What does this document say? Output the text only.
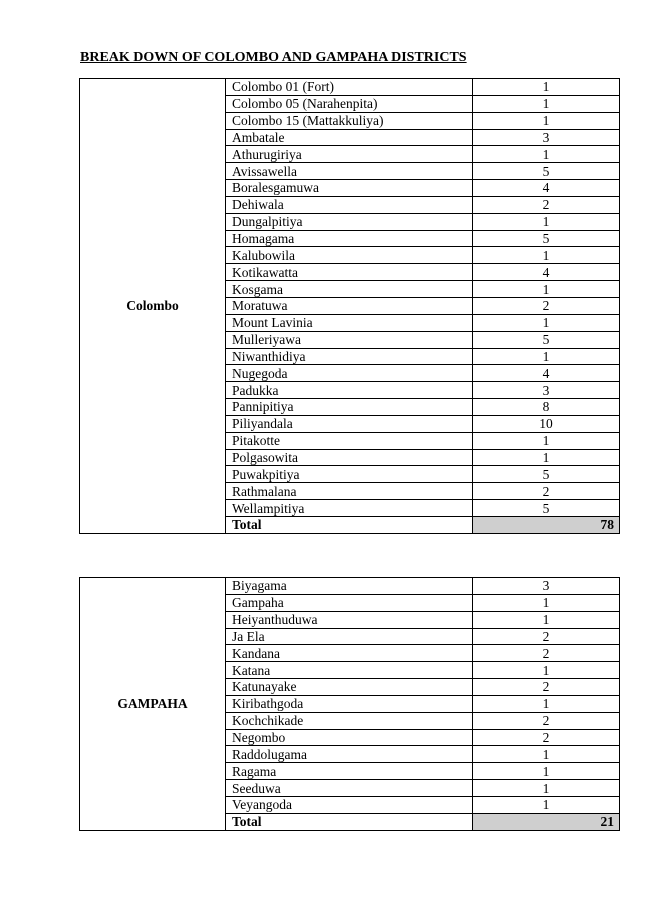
BREAK DOWN OF COLOMBO AND GAMPAHA DISTRICTS
Colombo	Colombo 01 (Fort)	1
	Colombo 05 (Narahenpita)	1
	Colombo 15 (Mattakkuliya)	1
	Ambatale	3
	Athurugiriya	1
	Avissawella	5
	Boralesgamuwa	4
	Dehiwala	2
	Dungalpitiya	1
	Homagama	5
	Kalubowila	1
	Kotikawatta	4
	Kosgama	1
	Moratuwa	2
	Mount Lavinia	1
	Mulleriyawa	5
	Niwanthidiya	1
	Nugegoda	4
	Padukka	3
	Pannipitiya	8
	Piliyandala	10
	Pitakotte	1
	Polgasowita	1
	Puwakpitiya	5
	Rathmalana	2
	Wellampitiya	5
	Total	78
GAMPAHA	Biyagama	3
	Gampaha	1
	Heiyanthuduwa	1
	Ja Ela	2
	Kandana	2
	Katana	1
	Katunayake	2
	Kiribathgoda	1
	Kochchikade	2
	Negombo	2
	Raddolugama	1
	Ragama	1
	Seeduwa	1
	Veyangoda	1
	Total	21
